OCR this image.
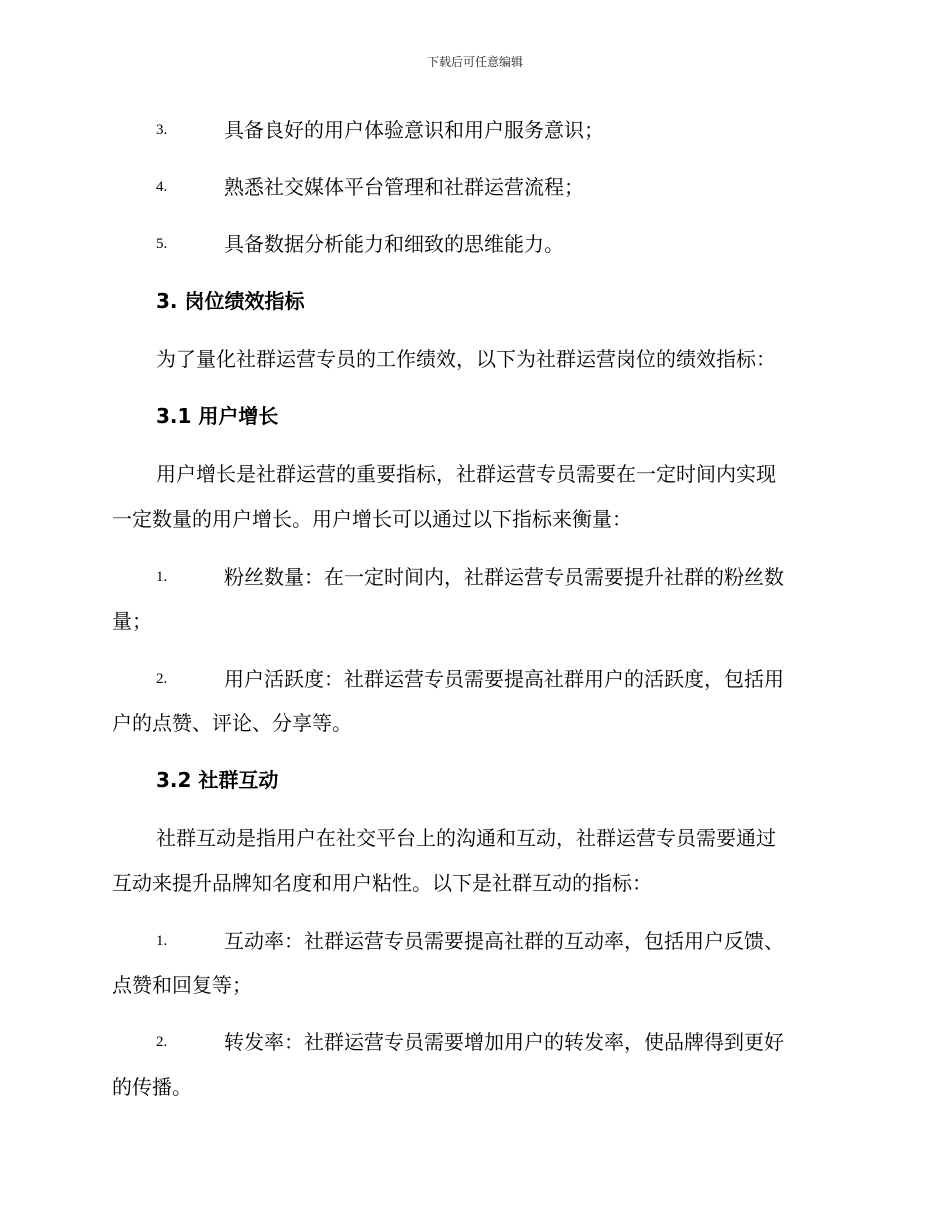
下载后可任意编辑
3.	具备良好的用户体验意识和用户服务意识；
4.	熟悉社交媒体平台管理和社群运营流程；
5.	具备数据分析能力和细致的思维能力。
3. 岗位绩效指标
为了量化社群运营专员的工作绩效，以下为社群运营岗位的绩效指标：
3.1 用户增长
用户增长是社群运营的重要指标，社群运营专员需要在一定时间内实现
一定数量的用户增长。用户增长可以通过以下指标来衡量：
1.	粉丝数量：在一定时间内，社群运营专员需要提升社群的粉丝数
量；
2.	用户活跃度：社群运营专员需要提高社群用户的活跃度，包括用
户的点赞、评论、分享等。
3.2 社群互动
社群互动是指用户在社交平台上的沟通和互动，社群运营专员需要通过
互动来提升品牌知名度和用户粘性。以下是社群互动的指标：
1.	互动率：社群运营专员需要提高社群的互动率，包括用户反馈、
点赞和回复等；
2.	转发率：社群运营专员需要增加用户的转发率，使品牌得到更好
的传播。
